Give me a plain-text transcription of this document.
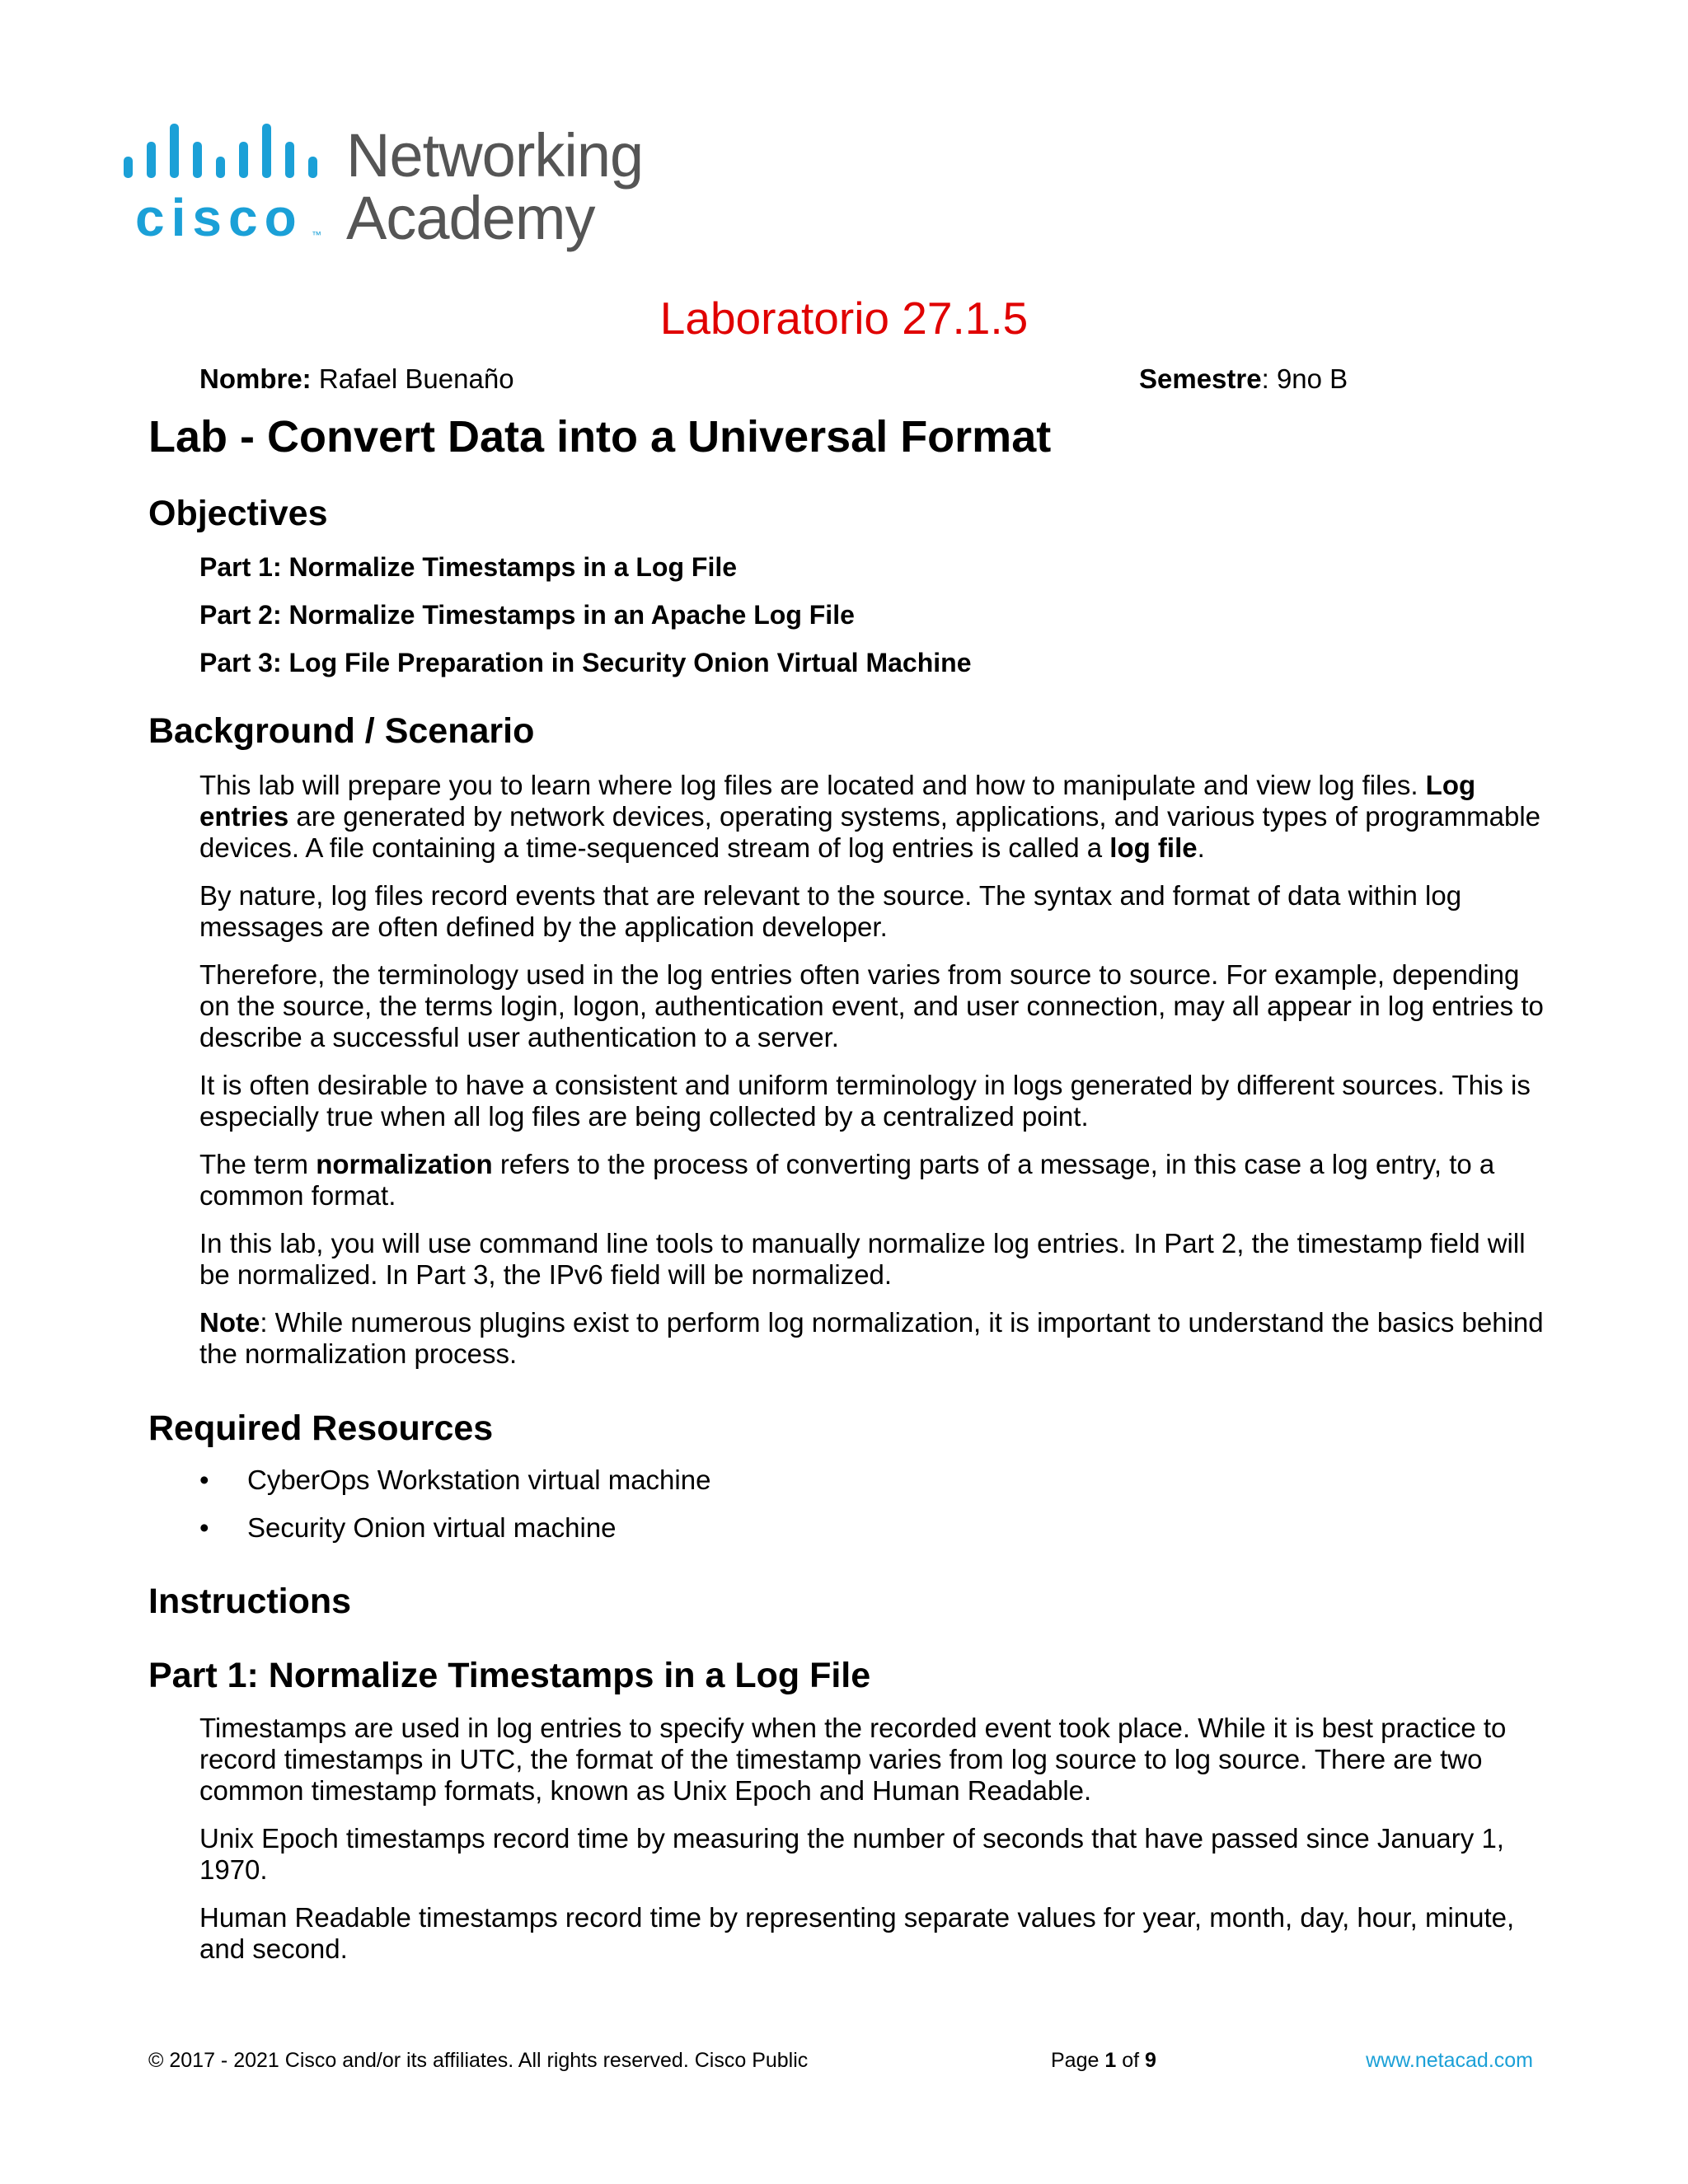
cisco ™
Networking
Academy
Laboratorio 27.1.5
Nombre: Rafael Buenaño	Semestre: 9no B
Lab - Convert Data into a Universal Format
Objectives
Part 1: Normalize Timestamps in a Log File
Part 2: Normalize Timestamps in an Apache Log File
Part 3: Log File Preparation in Security Onion Virtual Machine
Background / Scenario

This lab will prepare you to learn where log files are located and how to manipulate and view log files. Log entries are generated by network devices, operating systems, applications, and various types of programmable devices. A file containing a time-sequenced stream of log entries is called a log file.

By nature, log files record events that are relevant to the source. The syntax and format of data within log messages are often defined by the application developer.

Therefore, the terminology used in the log entries often varies from source to source. For example, depending on the source, the terms login, logon, authentication event, and user connection, may all appear in log entries to describe a successful user authentication to a server.

It is often desirable to have a consistent and uniform terminology in logs generated by different sources. This is especially true when all log files are being collected by a centralized point.

The term normalization refers to the process of converting parts of a message, in this case a log entry, to a common format.

In this lab, you will use command line tools to manually normalize log entries. In Part 2, the timestamp field will be normalized. In Part 3, the IPv6 field will be normalized.

Note: While numerous plugins exist to perform log normalization, it is important to understand the basics behind the normalization process.

Required Resources
• CyberOps Workstation virtual machine
• Security Onion virtual machine
Instructions
Part 1: Normalize Timestamps in a Log File

Timestamps are used in log entries to specify when the recorded event took place. While it is best practice to record timestamps in UTC, the format of the timestamp varies from log source to log source. There are two common timestamp formats, known as Unix Epoch and Human Readable.

Unix Epoch timestamps record time by measuring the number of seconds that have passed since January 1, 1970.

Human Readable timestamps record time by representing separate values for year, month, day, hour, minute, and second.

© 2017 - 2021 Cisco and/or its affiliates. All rights reserved. Cisco Public	Page 1 of 9	www.netacad.com
